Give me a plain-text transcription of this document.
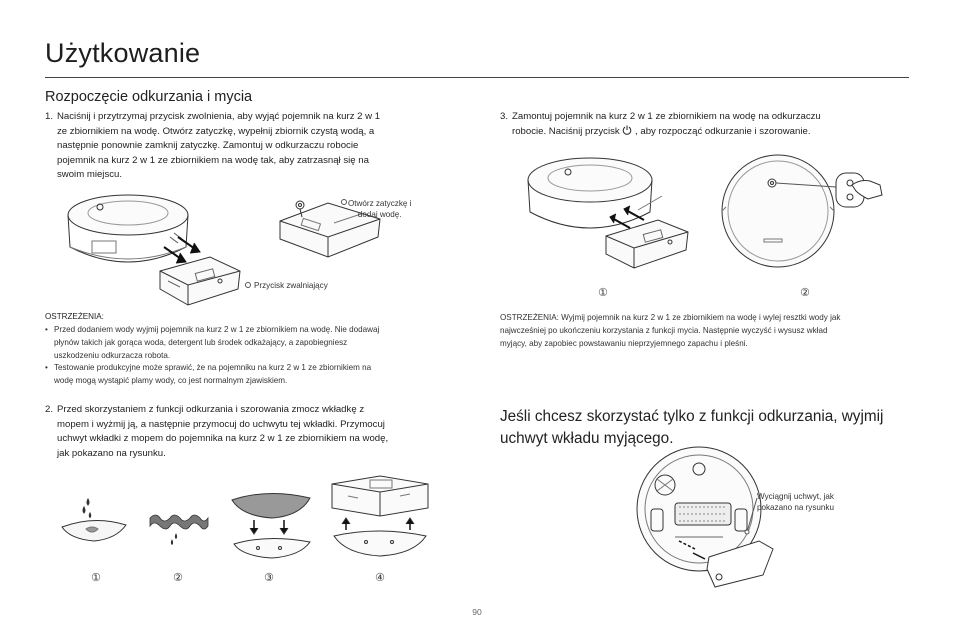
Użytkowanie
Rozpoczęcie odkurzania i mycia
1. Naciśnij i przytrzymaj przycisk zwolnienia, aby wyjąć pojemnik na kurz 2 w 1
ze zbiornikiem na wodę. Otwórz zatyczkę, wypełnij zbiornik czystą wodą, a
następnie ponownie zamknij zatyczkę. Zamontuj w odkurzaczu robocie
pojemnik na kurz 2 w 1 ze zbiornikiem na wodę tak, aby zatrzasnął się na
swoim miejscu.
Przycisk zwalniający
Otwórz zatyczkę i
dodaj wodę.
OSTRZEŻENIA:
• Przed dodaniem wody wyjmij pojemnik na kurz 2 w 1 ze zbiornikiem na wodę. Nie dodawaj
płynów takich jak gorąca woda, detergent lub środek odkażający, a zapobiegniesz
uszkodzeniu odkurzacza robota.
• Testowanie produkcyjne może sprawić, że na pojemniku na kurz 2 w 1 ze zbiornikiem na
wodę mogą wystąpić plamy wody, co jest normalnym zjawiskiem.
2. Przed skorzystaniem z funkcji odkurzania i szorowania zmocz wkładkę z
mopem i wyżmij ją, a następnie przymocuj do uchwytu tej wkładki. Przymocuj
uchwyt wkładki z mopem do pojemnika na kurz 2 w 1 ze zbiornikiem na wodę,
jak pokazano na rysunku.
①	②	③	④
3. Zamontuj pojemnik na kurz 2 w 1 ze zbiornikiem na wodę na odkurzaczu
robocie. Naciśnij przycisk , aby rozpocząć odkurzanie i szorowanie.
①	②
OSTRZEŻENIA: Wyjmij pojemnik na kurz 2 w 1 ze zbiornikiem na wodę i wylej resztki wody jak
najwcześniej po ukończeniu korzystania z funkcji mycia. Następnie wyczyść i wysusz wkład
myjący, aby zapobiec powstawaniu nieprzyjemnego zapachu i pleśni.
Jeśli chcesz skorzystać tylko z funkcji odkurzania, wyjmij uchwyt wkładu myjącego.
Wyciągnij uchwyt, jak
pokazano na rysunku
90
